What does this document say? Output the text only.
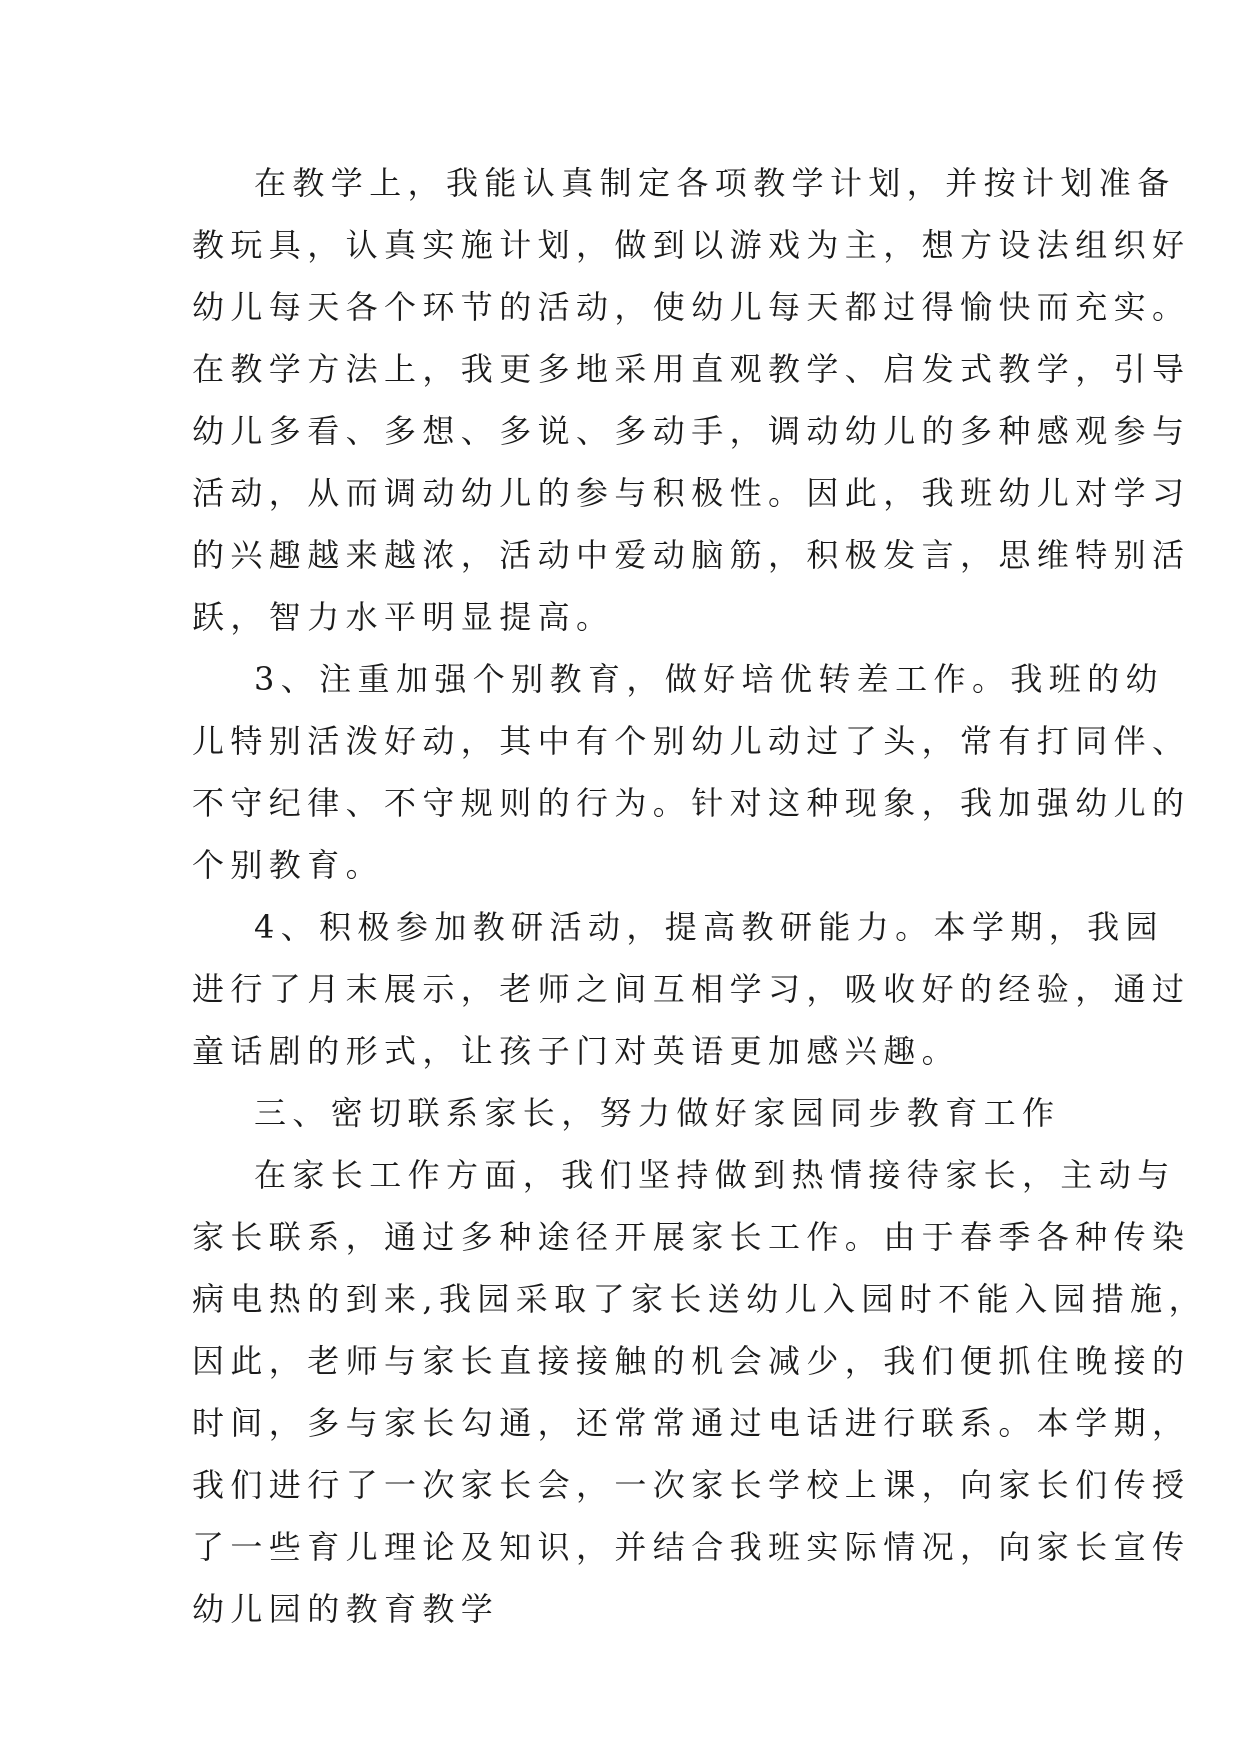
在教学上，我能认真制定各项教学计划，并按计划准备
教玩具，认真实施计划，做到以游戏为主，想方设法组织好
幼儿每天各个环节的活动，使幼儿每天都过得愉快而充实。
在教学方法上，我更多地采用直观教学、启发式教学，引导
幼儿多看、多想、多说、多动手，调动幼儿的多种感观参与
活动，从而调动幼儿的参与积极性。因此，我班幼儿对学习
的兴趣越来越浓，活动中爱动脑筋，积极发言，思维特别活
跃，智力水平明显提高。
3、注重加强个别教育，做好培优转差工作。我班的幼
儿特别活泼好动，其中有个别幼儿动过了头，常有打同伴、
不守纪律、不守规则的行为。针对这种现象，我加强幼儿的
个别教育。
4、积极参加教研活动，提高教研能力。本学期，我园
进行了月末展示，老师之间互相学习，吸收好的经验，通过
童话剧的形式，让孩子门对英语更加感兴趣。
三、密切联系家长，努力做好家园同步教育工作
在家长工作方面，我们坚持做到热情接待家长，主动与
家长联系，通过多种途径开展家长工作。由于春季各种传染
病电热的到来,我园采取了家长送幼儿入园时不能入园措施，
因此，老师与家长直接接触的机会减少，我们便抓住晚接的
时间，多与家长勾通，还常常通过电话进行联系。本学期，
我们进行了一次家长会，一次家长学校上课，向家长们传授
了一些育儿理论及知识，并结合我班实际情况，向家长宣传
幼儿园的教育教学
